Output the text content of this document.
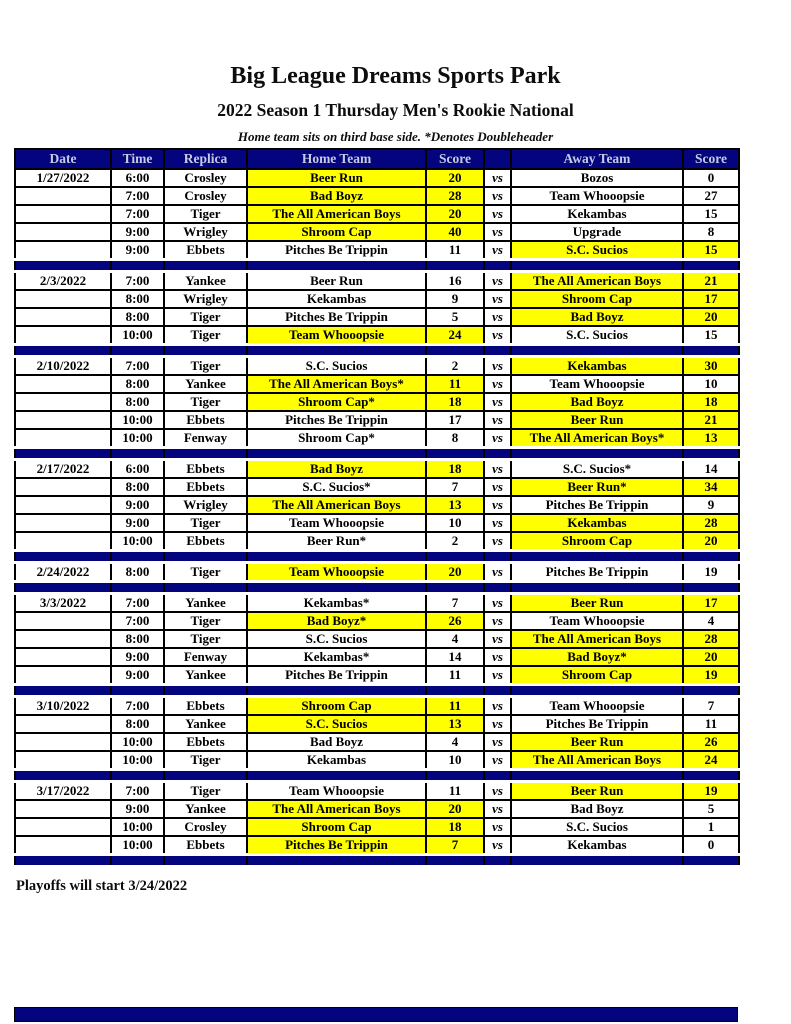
Big League Dreams Sports Park
2022 Season 1 Thursday Men's Rookie National
Home team sits on third base side. *Denotes Doubleheader
Date	Time	Replica	Home Team	Score		Away Team	Score
1/27/2022	6:00	Crosley	Beer Run	20	vs	Bozos	0
	7:00	Crosley	Bad Boyz	28	vs	Team Whooopsie	27
	7:00	Tiger	The All American Boys	20	vs	Kekambas	15
	9:00	Wrigley	Shroom Cap	40	vs	Upgrade	8
	9:00	Ebbets	Pitches Be Trippin	11	vs	S.C. Sucios	15

2/3/2022	7:00	Yankee	Beer Run	16	vs	The All American Boys	21
	8:00	Wrigley	Kekambas	9	vs	Shroom Cap	17
	8:00	Tiger	Pitches Be Trippin	5	vs	Bad Boyz	20
	10:00	Tiger	Team Whooopsie	24	vs	S.C. Sucios	15

2/10/2022	7:00	Tiger	S.C. Sucios	2	vs	Kekambas	30
	8:00	Yankee	The All American Boys*	11	vs	Team Whooopsie	10
	8:00	Tiger	Shroom Cap*	18	vs	Bad Boyz	18
	10:00	Ebbets	Pitches Be Trippin	17	vs	Beer Run	21
	10:00	Fenway	Shroom Cap*	8	vs	The All American Boys*	13

2/17/2022	6:00	Ebbets	Bad Boyz	18	vs	S.C. Sucios*	14
	8:00	Ebbets	S.C. Sucios*	7	vs	Beer Run*	34
	9:00	Wrigley	The All American Boys	13	vs	Pitches Be Trippin	9
	9:00	Tiger	Team Whooopsie	10	vs	Kekambas	28
	10:00	Ebbets	Beer Run*	2	vs	Shroom Cap	20

2/24/2022	8:00	Tiger	Team Whooopsie	20	vs	Pitches Be Trippin	19

3/3/2022	7:00	Yankee	Kekambas*	7	vs	Beer Run	17
	7:00	Tiger	Bad Boyz*	26	vs	Team Whooopsie	4
	8:00	Tiger	S.C. Sucios	4	vs	The All American Boys	28
	9:00	Fenway	Kekambas*	14	vs	Bad Boyz*	20
	9:00	Yankee	Pitches Be Trippin	11	vs	Shroom Cap	19

3/10/2022	7:00	Ebbets	Shroom Cap	11	vs	Team Whooopsie	7
	8:00	Yankee	S.C. Sucios	13	vs	Pitches Be Trippin	11
	10:00	Ebbets	Bad Boyz	4	vs	Beer Run	26
	10:00	Tiger	Kekambas	10	vs	The All American Boys	24

3/17/2022	7:00	Tiger	Team Whooopsie	11	vs	Beer Run	19
	9:00	Yankee	The All American Boys	20	vs	Bad Boyz	5
	10:00	Crosley	Shroom Cap	18	vs	S.C. Sucios	1
	10:00	Ebbets	Pitches Be Trippin	7	vs	Kekambas	0

Playoffs will start 3/24/2022
